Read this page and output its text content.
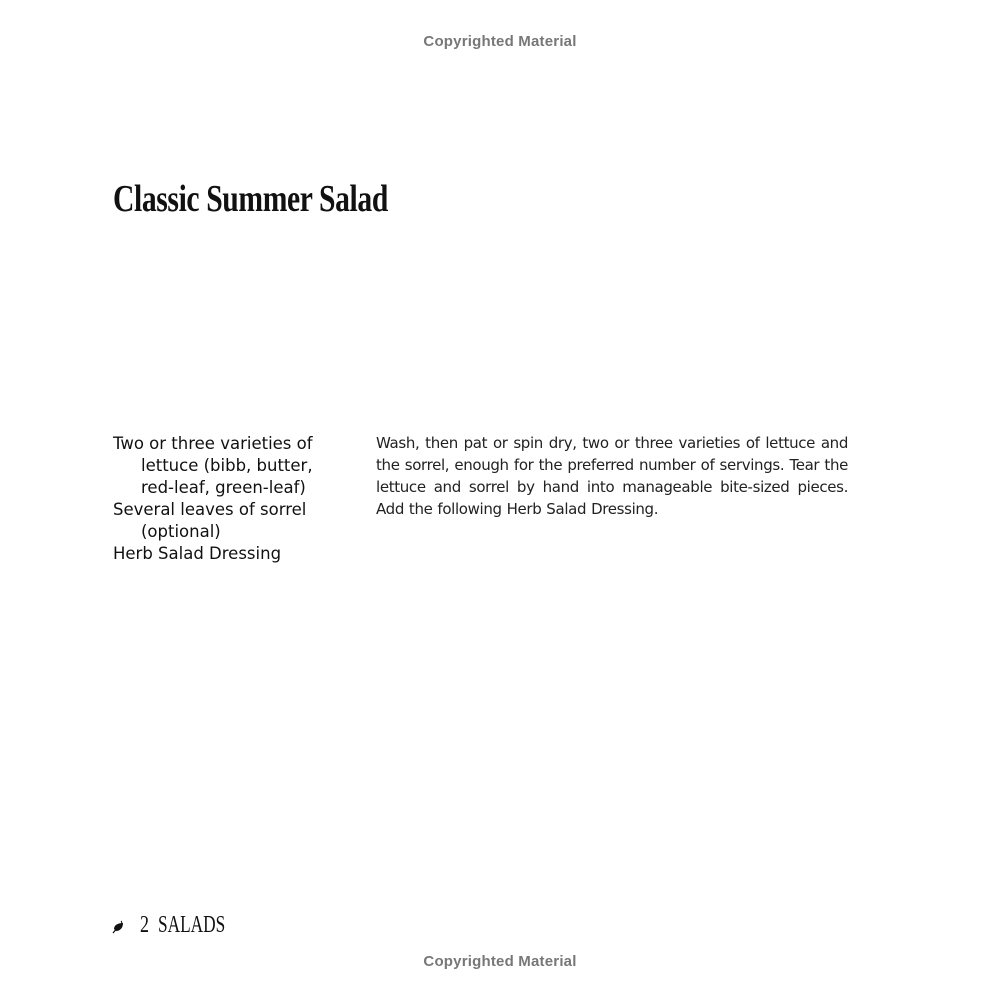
Copyrighted Material
Classic Summer Salad
Two or three varieties of
lettuce (bibb, butter,
red-leaf, green-leaf)
Several leaves of sorrel
(optional)
Herb Salad Dressing

Wash, then pat or spin dry, two or three varieties of lettuce and the sorrel, enough for the preferred number of servings. Tear the lettuce and sorrel by hand into manageable bite-sized pieces. Add the following Herb Salad Dressing.

2 SALADS
Copyrighted Material
